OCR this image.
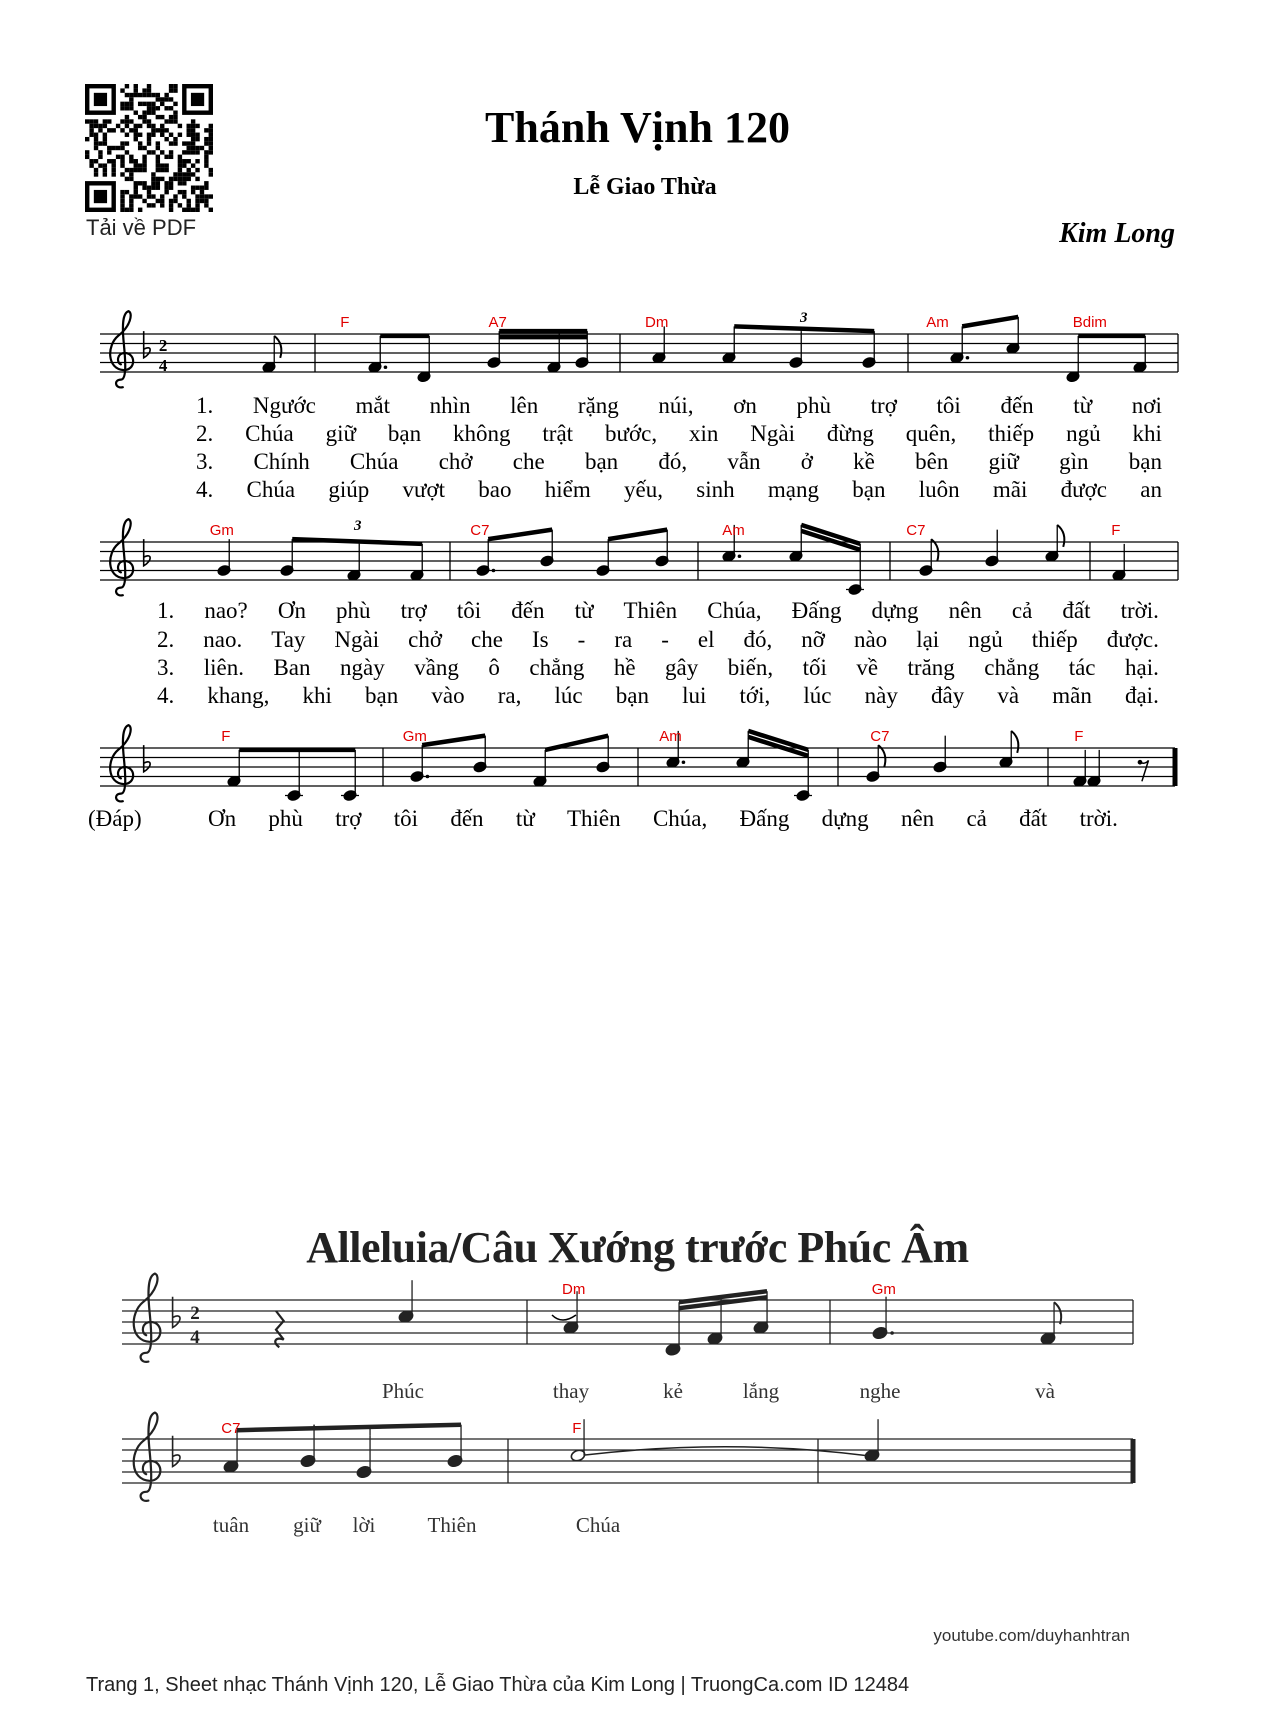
Tải về PDF
Thánh Vịnh 120
Lễ Giao Thừa
Kim Long
2
4
3
3
2
4
F	A7	Dm	Am	Bdim
Gm	C7	Am	C7	F
F	Gm	Am	C7	F
Dm	Gm
C7	F
1. Ngước mắt nhìn lên rặng núi, ơn phù trợ tôi đến từ nơi
2. Chúa giữ bạn không trật bước, xin Ngài đừng quên, thiếp ngủ khi
3. Chính Chúa chở che bạn đó, vẫn ở kề bên giữ gìn bạn
4. Chúa giúp vượt bao hiểm yếu, sinh mạng bạn luôn mãi được an
1. nao? Ơn phù trợ tôi đến từ Thiên Chúa, Đấng dựng nên cả đất trời.
2. nao. Tay Ngài chở che Is - ra - el đó, nỡ nào lại ngủ thiếp được.
3. liên. Ban ngày vầng ô chẳng hề gây biến, tối về trăng chẳng tác hại.
4. khang, khi bạn vào ra, lúc bạn lui tới, lúc này đây và mãn đại.
(Đáp)	Ơn phù trợ tôi đến từ Thiên Chúa, Đấng dựng nên cả đất trời.
Alleluia/Câu Xướng trước Phúc Âm
Phúc	thay	kẻ	lắng	nghe	và
tuân giữ lời Thiên	Chúa
youtube.com/duyhanhtran
Trang 1, Sheet nhạc Thánh Vịnh 120, Lễ Giao Thừa của Kim Long | TruongCa.com ID 12484
